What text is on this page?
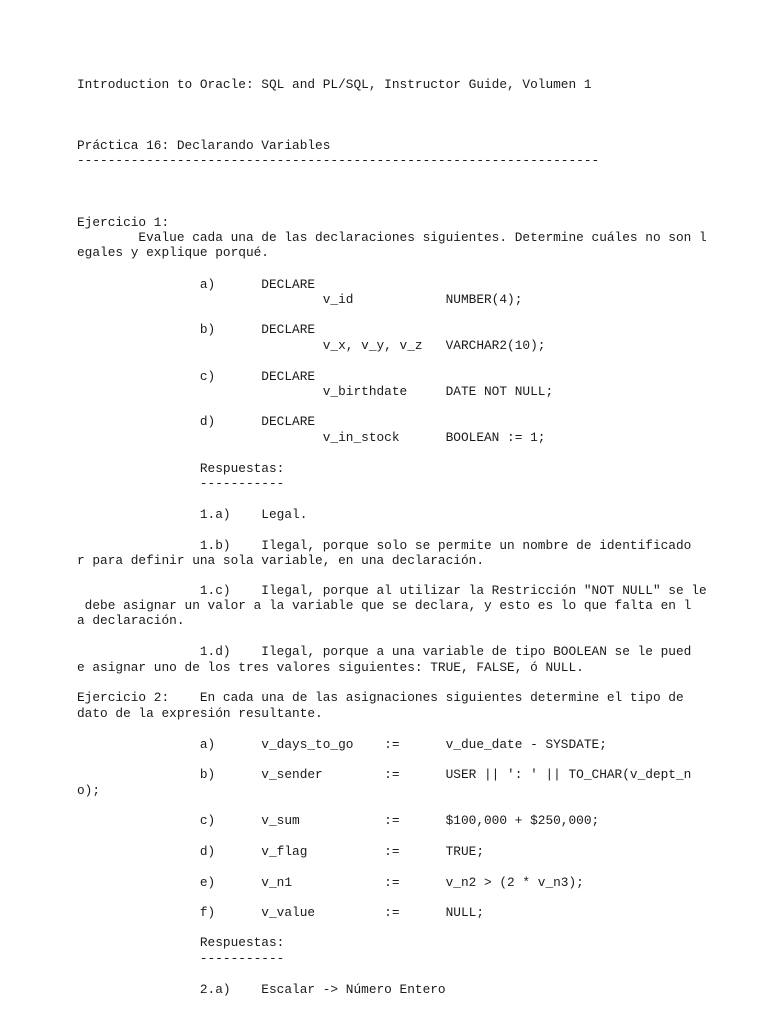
Introduction to Oracle: SQL and PL/SQL, Instructor Guide, Volumen 1
Práctica 16: Declarando Variables
--------------------------------------------------------------------
Ejercicio 1:
Evalue cada una de las declaraciones siguientes. Determine cuáles no son l
egales y explique porqué.
a)      DECLARE
v_id            NUMBER(4);
b)      DECLARE
v_x, v_y, v_z   VARCHAR2(10);
c)      DECLARE
v_birthdate     DATE NOT NULL;
d)      DECLARE
v_in_stock      BOOLEAN := 1;
Respuestas:
-----------
1.a)    Legal.
1.b)    Ilegal, porque solo se permite un nombre de identificado
r para definir una sola variable, en una declaración.
1.c)    Ilegal, porque al utilizar la Restricción "NOT NULL" se le
debe asignar un valor a la variable que se declara, y esto es lo que falta en l
a declaración.
1.d)    Ilegal, porque a una variable de tipo BOOLEAN se le pued
e asignar uno de los tres valores siguientes: TRUE, FALSE, ó NULL.
Ejercicio 2:    En cada una de las asignaciones siguientes determine el tipo de
dato de la expresión resultante.
a)      v_days_to_go    :=      v_due_date - SYSDATE;
b)      v_sender        :=      USER || ': ' || TO_CHAR(v_dept_n
o);
c)      v_sum           :=      $100,000 + $250,000;
d)      v_flag          :=      TRUE;
e)      v_n1            :=      v_n2 > (2 * v_n3);
f)      v_value         :=      NULL;
Respuestas:
-----------
2.a)    Escalar -> Número Entero
